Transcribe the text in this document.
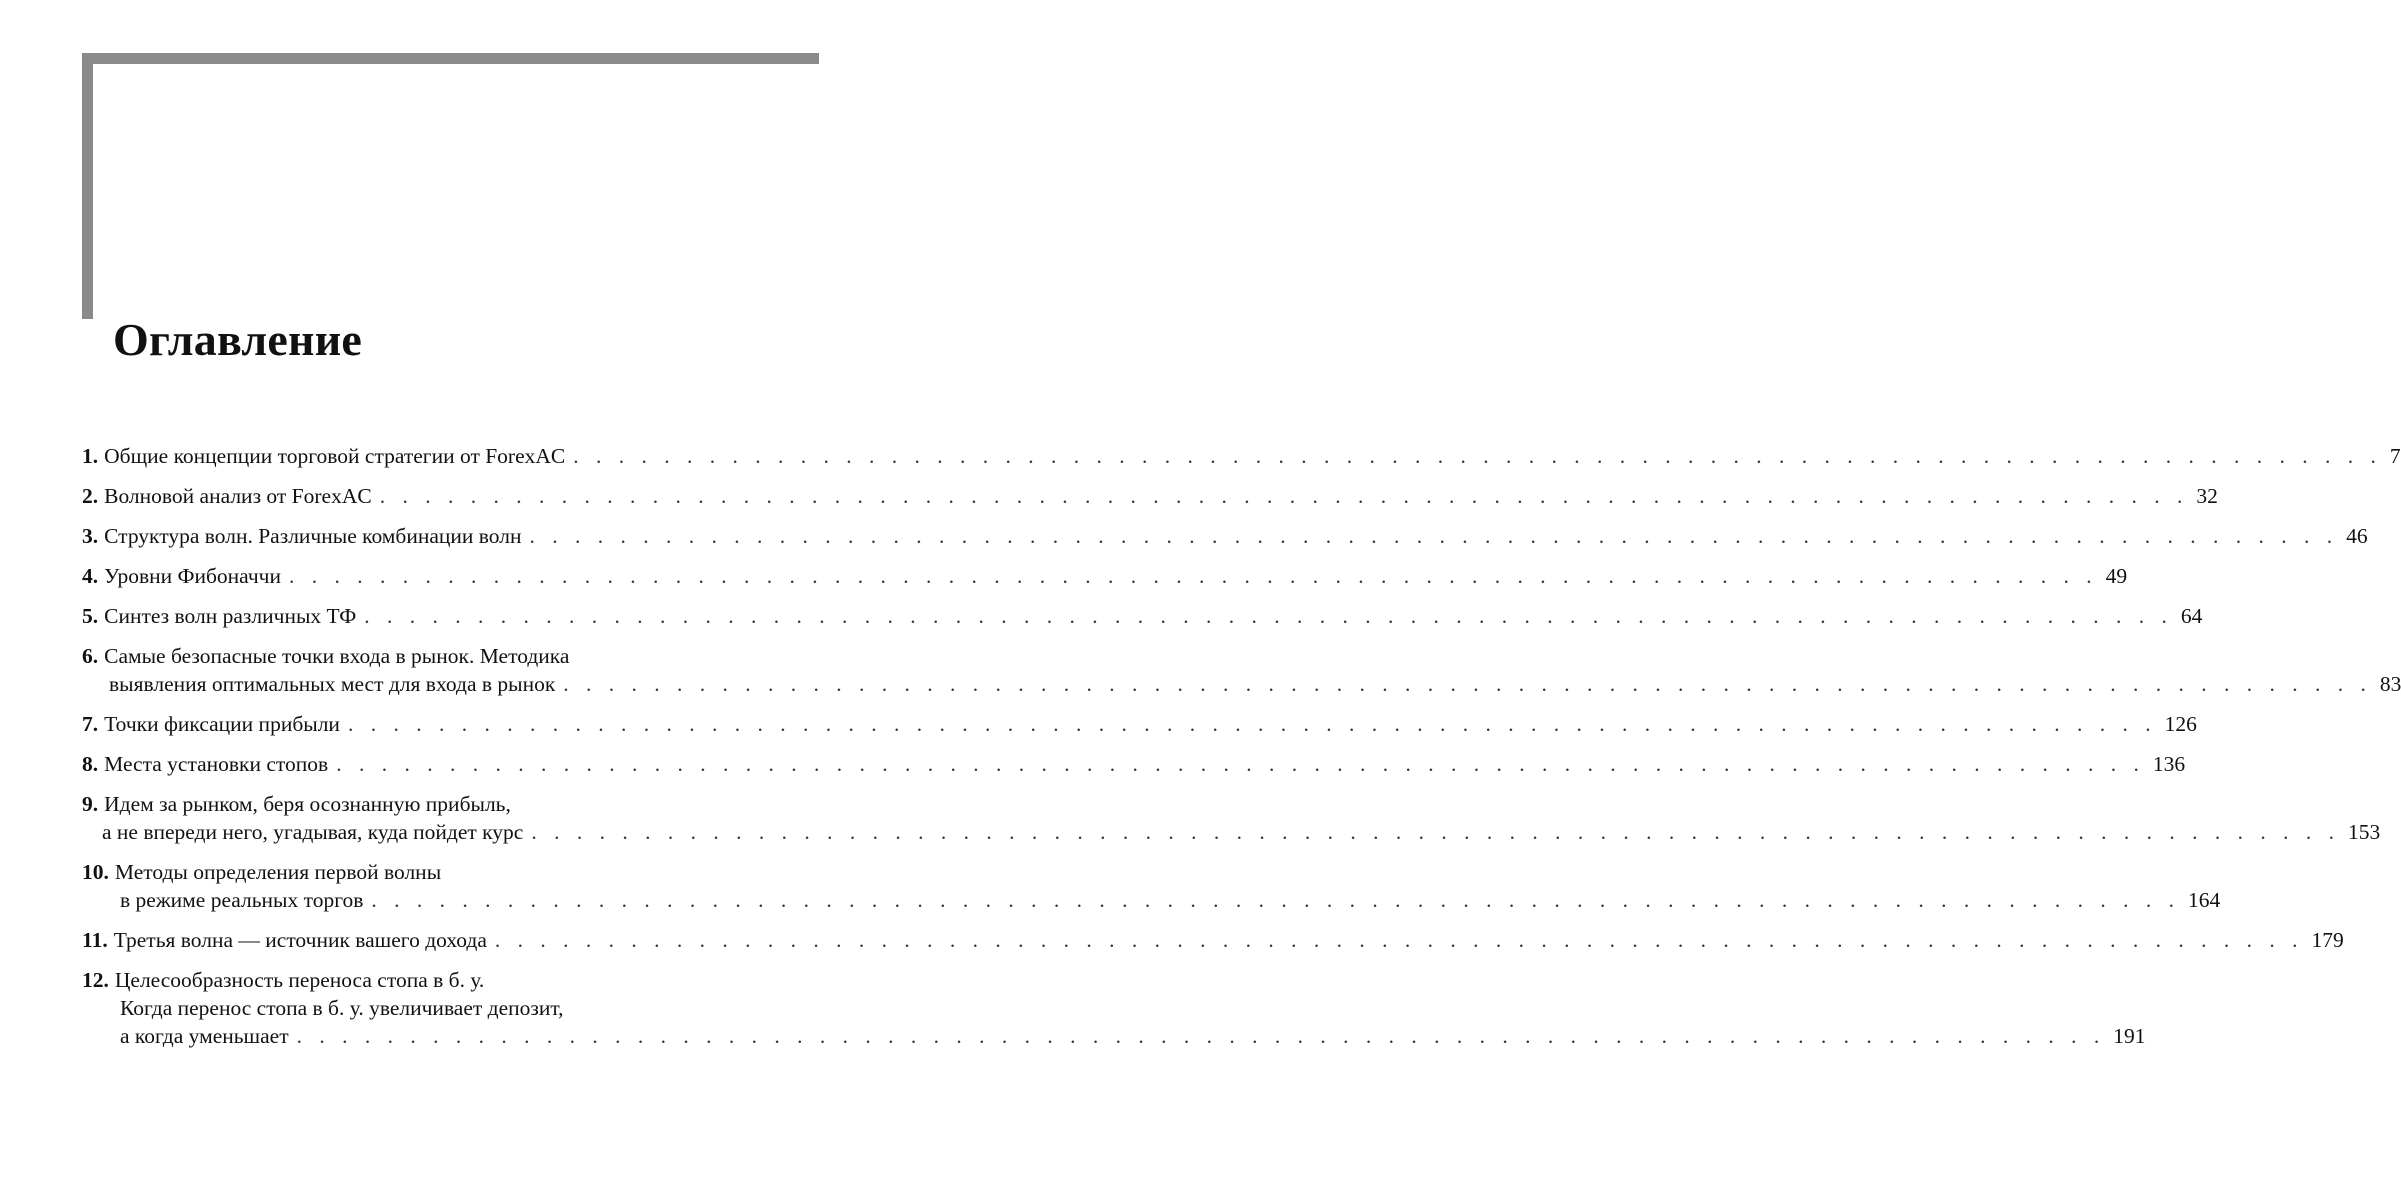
Оглавление
1. Общие концепции торговой стратегии от ForexAC . . . . . . . . . . . . . . . . . . . . . . . . . . . . . . . . . . . . . . . . . . . . . . . . . . . . . . . . . . . . . . . . . . . . . . . . . . . . . . . . 7
2. Волновой анализ от ForexAC . . . . . . . . . . . . . . . . . . . . . . . . . . . . . . . . . . . . . . . . . . . . . . . . . . . . . . . . . . . . . . . . . . . . . . . . . . . . . . . . 32
3. Структура волн. Различные комбинации волн . . . . . . . . . . . . . . . . . . . . . . . . . . . . . . . . . . . . . . . . . . . . . . . . . . . . . . . . . . . . . . . . . . . . . . . . . . . . . . . . 46
4. Уровни Фибоначчи . . . . . . . . . . . . . . . . . . . . . . . . . . . . . . . . . . . . . . . . . . . . . . . . . . . . . . . . . . . . . . . . . . . . . . . . . . . . . . . . 49
5. Синтез волн различных ТФ . . . . . . . . . . . . . . . . . . . . . . . . . . . . . . . . . . . . . . . . . . . . . . . . . . . . . . . . . . . . . . . . . . . . . . . . . . . . . . . . 64
6. Самые безопасные точки входа в рынок. Методика
выявления оптимальных мест для входа в рынок . . . . . . . . . . . . . . . . . . . . . . . . . . . . . . . . . . . . . . . . . . . . . . . . . . . . . . . . . . . . . . . . . . . . . . . . . . . . . . . . 83
7. Точки фиксации прибыли . . . . . . . . . . . . . . . . . . . . . . . . . . . . . . . . . . . . . . . . . . . . . . . . . . . . . . . . . . . . . . . . . . . . . . . . . . . . . . . . 126
8. Места установки стопов . . . . . . . . . . . . . . . . . . . . . . . . . . . . . . . . . . . . . . . . . . . . . . . . . . . . . . . . . . . . . . . . . . . . . . . . . . . . . . . . 136
9. Идем за рынком, беря осознанную прибыль,
а не впереди него, угадывая, куда пойдет курс . . . . . . . . . . . . . . . . . . . . . . . . . . . . . . . . . . . . . . . . . . . . . . . . . . . . . . . . . . . . . . . . . . . . . . . . . . . . . . . . 153
10. Методы определения первой волны
в режиме реальных торгов . . . . . . . . . . . . . . . . . . . . . . . . . . . . . . . . . . . . . . . . . . . . . . . . . . . . . . . . . . . . . . . . . . . . . . . . . . . . . . . . 164
11. Третья волна — источник вашего дохода . . . . . . . . . . . . . . . . . . . . . . . . . . . . . . . . . . . . . . . . . . . . . . . . . . . . . . . . . . . . . . . . . . . . . . . . . . . . . . . . 179
12. Целесообразность переноса стопа в б. у.
Когда перенос стопа в б. у. увеличивает депозит,
а когда уменьшает . . . . . . . . . . . . . . . . . . . . . . . . . . . . . . . . . . . . . . . . . . . . . . . . . . . . . . . . . . . . . . . . . . . . . . . . . . . . . . . . 191
